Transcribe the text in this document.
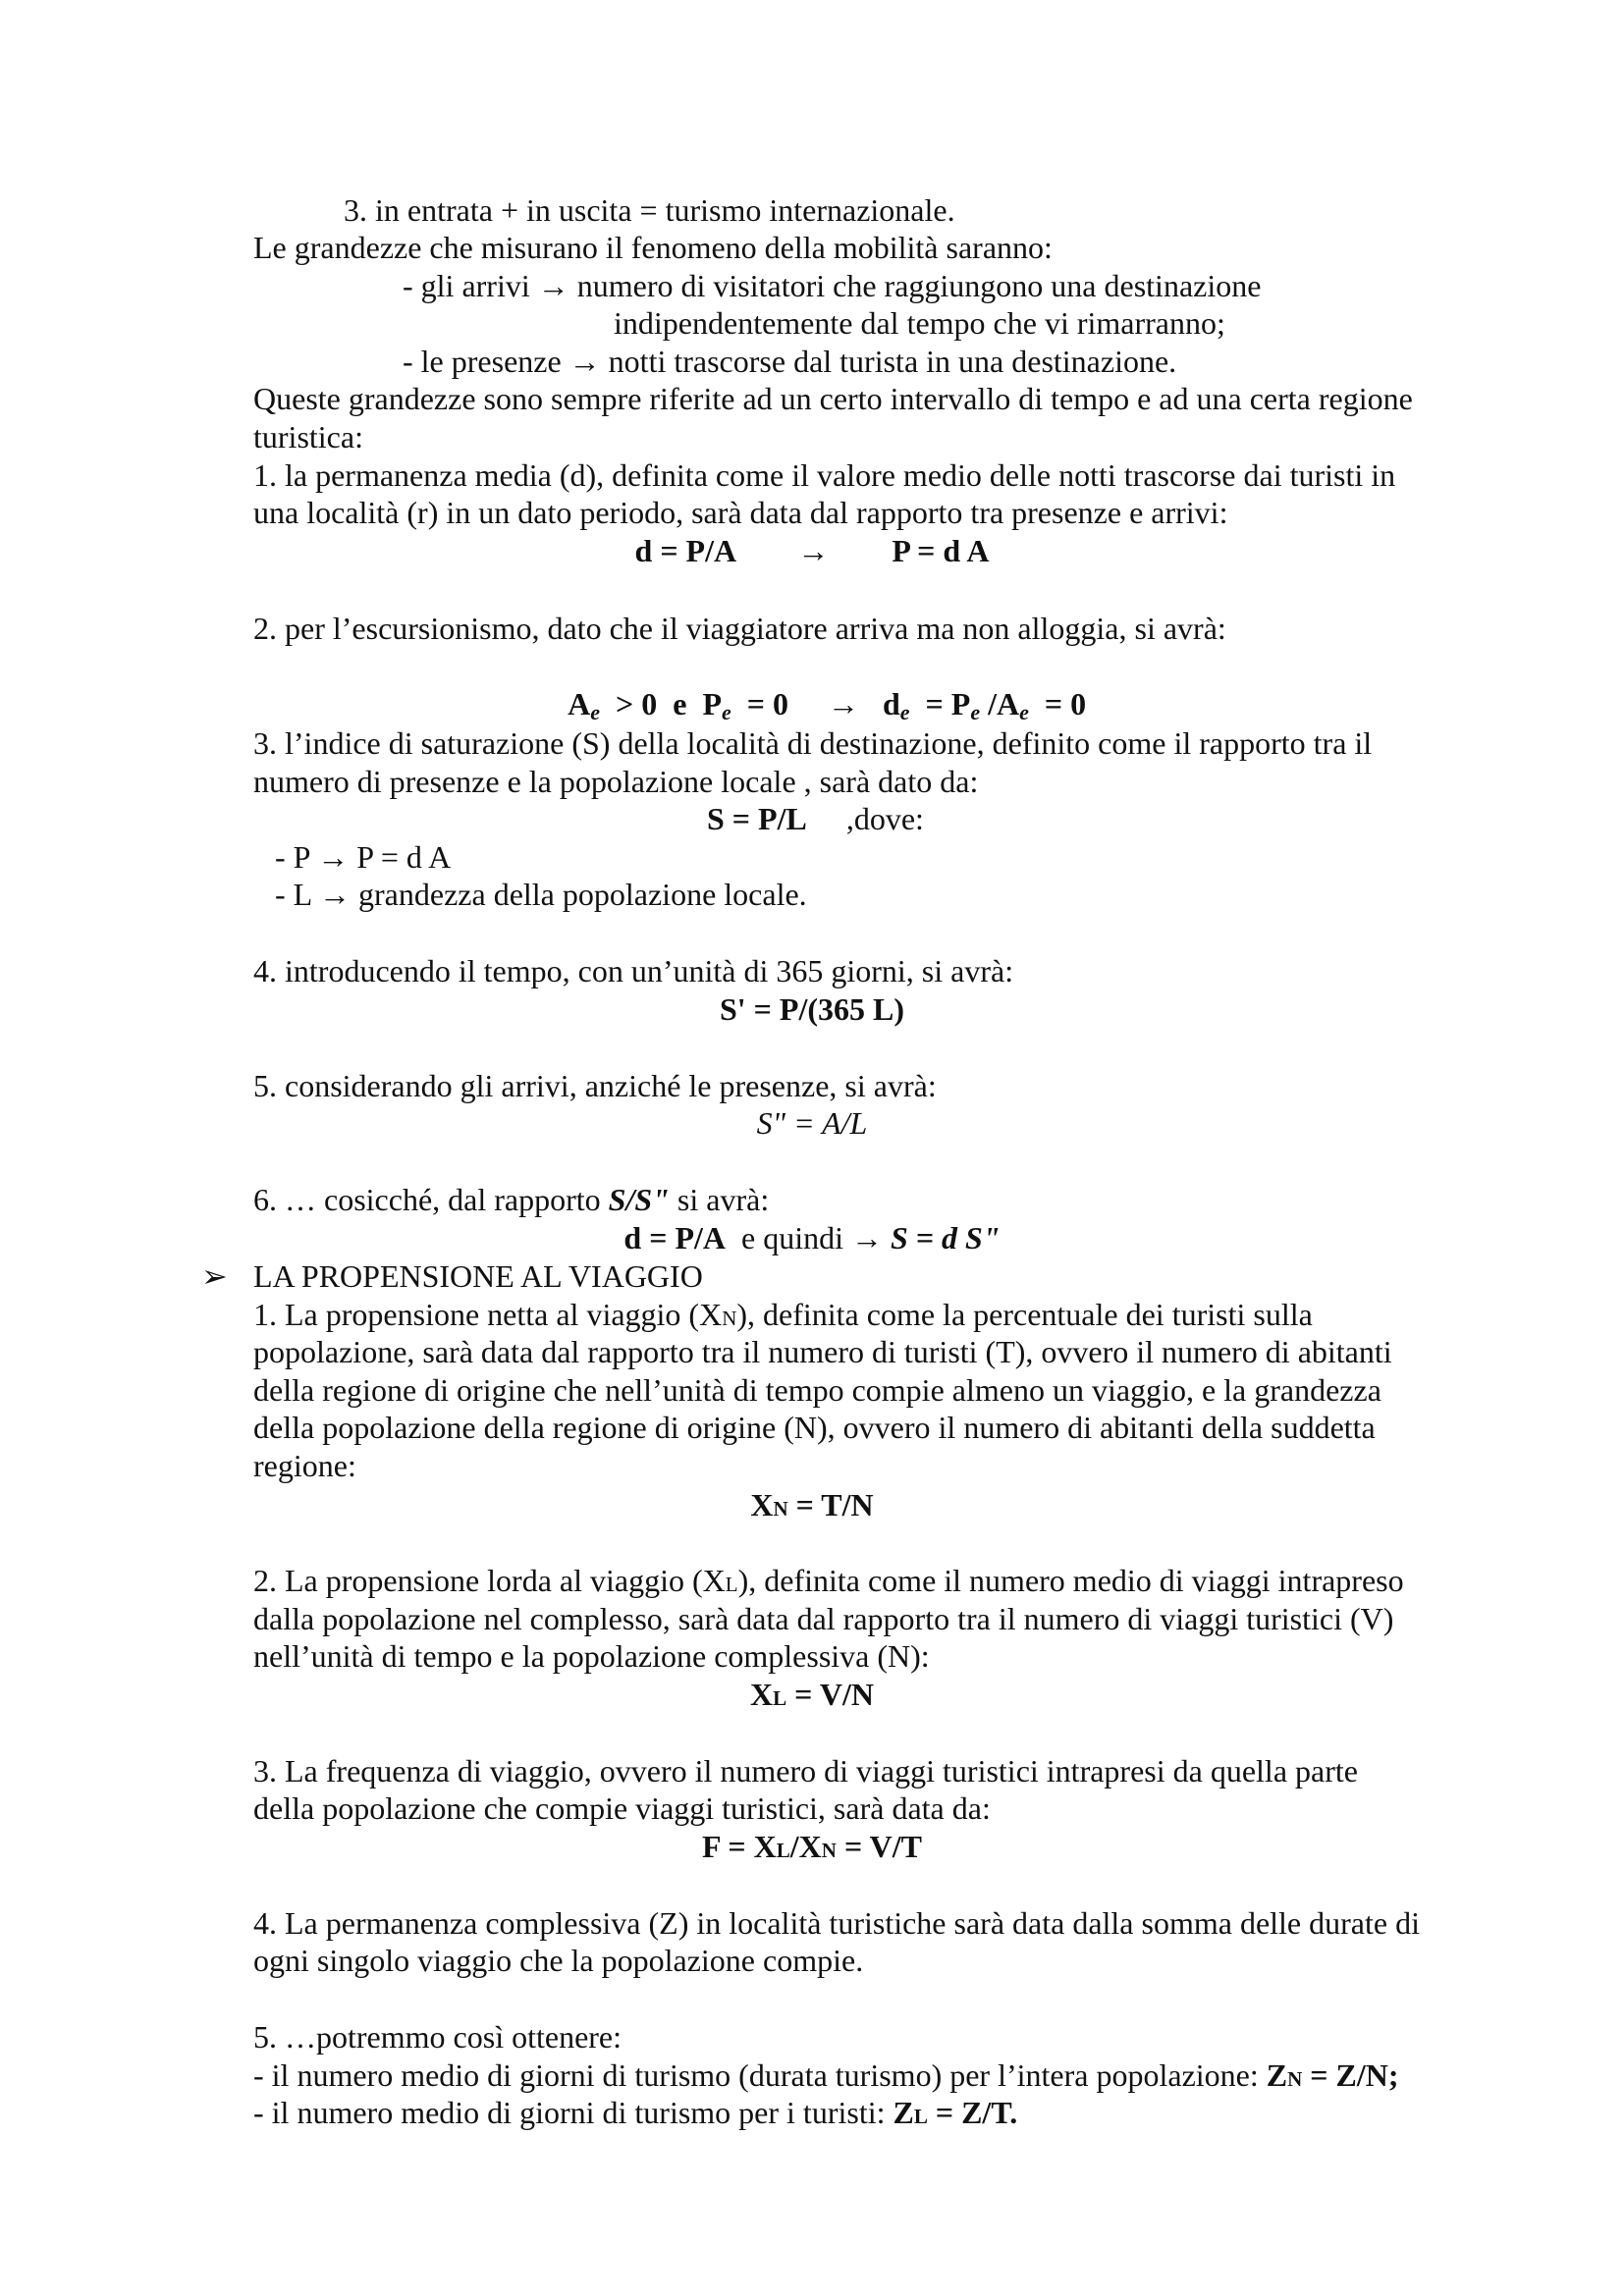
3. in entrata + in uscita = turismo internazionale.
Le grandezze che misurano il fenomeno della mobilità saranno:
- gli arrivi → numero di visitatori che raggiungono una destinazione
indipendentemente dal tempo che vi rimarranno;
- le presenze → notti trascorse dal turista in una destinazione.
Queste grandezze sono sempre riferite ad un certo intervallo di tempo e ad una certa regione
turistica:
1. la permanenza media (d), definita come il valore medio delle notti trascorse dai turisti in
una località (r) in un dato periodo, sarà data dal rapporto tra presenze e arrivi:
d = P/A        →        P = d A
2. per l’escursionismo, dato che il viaggiatore arriva ma non alloggia, si avrà:

$A_e > 0$  e  $P_e = 0$     →   $d_e = P_e$ $/A_e = 0$

3. l’indice di saturazione (S) della località di destinazione, definito come il rapporto tra il
numero di presenze e la popolazione locale , sarà dato da:
S = P/L     ,dove:
- P → P = d A
- L → grandezza della popolazione locale.
4. introducendo il tempo, con un’unità di 365 giorni, si avrà:
S' = P/(365 L)
5. considerando gli arrivi, anziché le presenze, si avrà:
S" = A/L
6. … cosicché, dal rapporto S/S" si avrà:
d = P/A  e quindi → S = d S"
➢ LA PROPENSIONE AL VIAGGIO
1. La propensione netta al viaggio (XN), definita come la percentuale dei turisti sulla
popolazione, sarà data dal rapporto tra il numero di turisti (T), ovvero il numero di abitanti
della regione di origine che nell’unità di tempo compie almeno un viaggio, e la grandezza
della popolazione della regione di origine (N), ovvero il numero di abitanti della suddetta
regione:
XN = T/N
2. La propensione lorda al viaggio (XL), definita come il numero medio di viaggi intrapreso
dalla popolazione nel complesso, sarà data dal rapporto tra il numero di viaggi turistici (V)
nell’unità di tempo e la popolazione complessiva (N):
XL = V/N
3. La frequenza di viaggio, ovvero il numero di viaggi turistici intrapresi da quella parte
della popolazione che compie viaggi turistici, sarà data da:
F = XL/XN = V/T
4. La permanenza complessiva (Z) in località turistiche sarà data dalla somma delle durate di
ogni singolo viaggio che la popolazione compie.
5. …potremmo così ottenere:
- il numero medio di giorni di turismo (durata turismo) per l’intera popolazione: ZN = Z/N;
- il numero medio di giorni di turismo per i turisti: ZL = Z/T.
